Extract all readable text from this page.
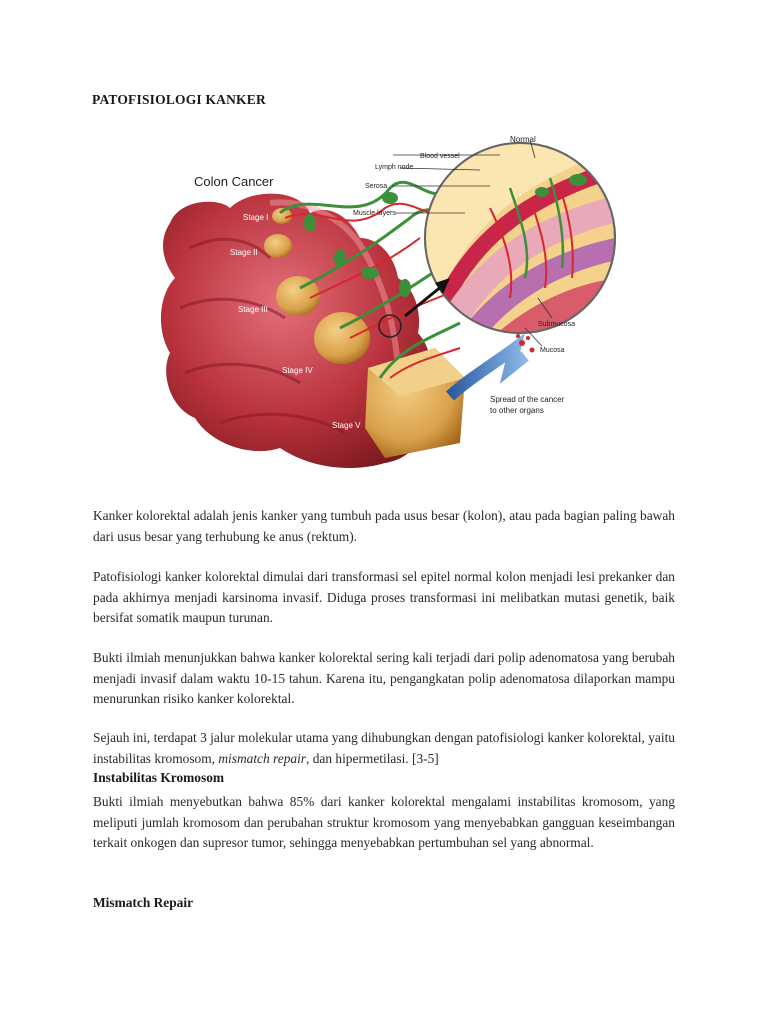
PATOFISIOLOGI KANKER
Colon Cancer
Stage I
Stage II
Stage III
Stage IV
Stage V
Normal
Blood vessel
Lymph node
Serosa
Muscle layers
Submucosa
Mucosa
Spread of the cancer
to other organs

Kanker kolorektal adalah jenis kanker yang tumbuh pada usus besar (kolon), atau pada bagian paling bawah dari usus besar yang terhubung ke anus (rektum).

Patofisiologi kanker kolorektal dimulai dari transformasi sel epitel normal kolon menjadi lesi prekanker dan pada akhirnya menjadi karsinoma invasif. Diduga proses transformasi ini melibatkan mutasi genetik, baik bersifat somatik maupun turunan.

Bukti ilmiah menunjukkan bahwa kanker kolorektal sering kali terjadi dari polip adenomatosa yang berubah menjadi invasif dalam waktu 10-15 tahun. Karena itu, pengangkatan polip adenomatosa dilaporkan mampu menurunkan risiko kanker kolorektal.

Sejauh ini, terdapat 3 jalur molekular utama yang dihubungkan dengan patofisiologi kanker kolorektal, yaitu instabilitas kromosom, mismatch repair, dan hipermetilasi. [3-5]

Instabilitas Kromosom

Bukti ilmiah menyebutkan bahwa 85% dari kanker kolorektal mengalami instabilitas kromosom, yang meliputi jumlah kromosom dan perubahan struktur kromosom yang menyebabkan gangguan keseimbangan terkait onkogen dan supresor tumor, sehingga menyebabkan pertumbuhan sel yang abnormal.

Mismatch Repair
